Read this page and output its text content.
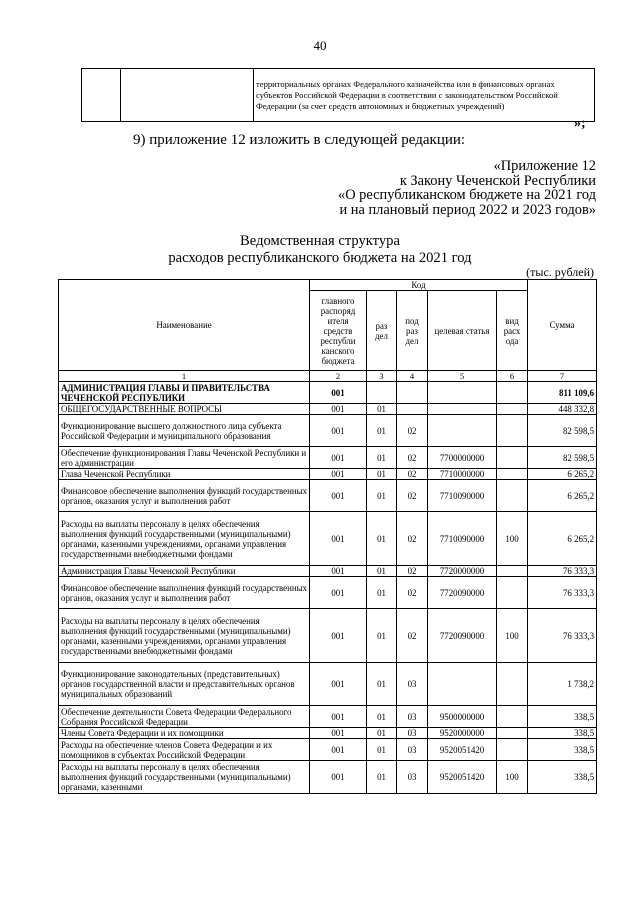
40
		территориальных органах Федерального казначейства или в финансовых органах субъектов Российской Федерации в соответствии с законодательством Российской Федерации (за счет средств автономных и бюджетных учреждений)
»;
9) приложение 12 изложить в следующей редакции:
«Приложение 12
к Закону Чеченской Республики
«О республиканском бюджете на 2021 год
и на плановый период 2022 и 2023 годов»
Ведомственная структура
расходов республиканского бюджета на 2021 год
(тыс. рублей)
Наименование	Код					Сумма
	главного распоряд ителя средств республи канского бюджета	раз дел	под раз дел	целевая статья	вид расх ода	
1	2	3	4	5	6	7
АДМИНИСТРАЦИЯ ГЛАВЫ И ПРАВИТЕЛЬСТВА ЧЕЧЕНСКОЙ РЕСПУБЛИКИ	001					811 109,6
ОБЩЕГОСУДАРСТВЕННЫЕ ВОПРОСЫ	001	01				448 332,8
Функционирование высшего должностного лица субъекта Российской Федерации и муниципального образования	001	01	02			82 598,5
Обеспечение функционирования Главы Чеченской Республики и его администрации	001	01	02	7700000000		82 598,5
Глава Чеченской Республики	001	01	02	7710000000		6 265,2
Финансовое обеспечение выполнения функций государственных органов, оказания услуг и выполнения работ	001	01	02	7710090000		6 265,2
Расходы на выплаты персоналу в целях обеспечения выполнения функций государственными (муниципальными) органами, казенными учреждениями, органами управления государственными внебюджетными фондами	001	01	02	7710090000	100	6 265,2
Администрация Главы Чеченской Республики	001	01	02	7720000000		76 333,3
Финансовое обеспечение выполнения функций государственных органов, оказания услуг и выполнения работ	001	01	02	7720090000		76 333,3
Расходы на выплаты персоналу в целях обеспечения выполнения функций государственными (муниципальными) органами, казенными учреждениями, органами управления государственными внебюджетными фондами	001	01	02	7720090000	100	76 333,3
Функционирование законодательных (представительных) органов государственной власти и представительных органов муниципальных образований	001	01	03			1 738,2
Обеспечение деятельности Совета Федерации Федерального Собрания Российской Федерации	001	01	03	9500000000		338,5
Члены Совета Федерации и их помощники	001	01	03	9520000000		338,5
Расходы на обеспечение членов Совета Федерации и их помощников в субъектах Российской Федерации	001	01	03	9520051420		338,5
Расходы на выплаты персоналу в целях обеспечения выполнения функций государственными (муниципальными) органами, казенными	001	01	03	9520051420	100	338,5
